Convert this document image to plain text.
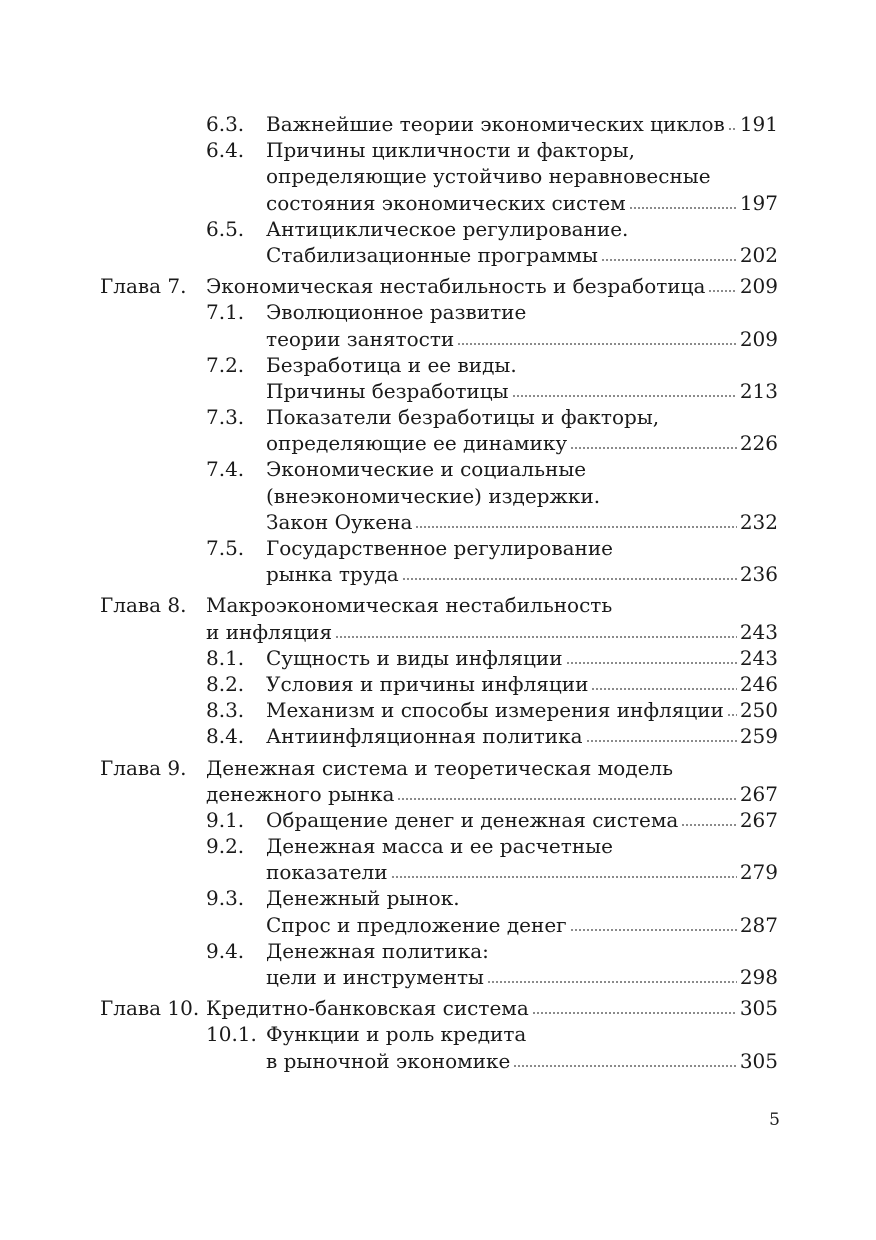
6.3. Важнейшие теории экономических циклов 191
6.4. Причины цикличности и факторы,
определяющие устойчиво неравновесные
состояния экономических систем	197
6.5. Антициклическое регулирование.
Стабилизационные программы	202
Глава 7. Экономическая нестабильность и безработица 209
7.1. Эволюционное развитие
теории занятости	209
7.2. Безработица и ее виды.
Причины безработицы	213
7.3. Показатели безработицы и факторы,
определяющие ее динамику	226
7.4. Экономические и социальные
(внеэкономические) издержки.
Закон Оукена	232
7.5. Государственное регулирование
рынка труда	236
Глава 8. Макроэкономическая нестабильность
и инфляция	243
8.1. Сущность и виды инфляции	243
8.2. Условия и причины инфляции	246
8.3. Механизм и способы измерения инфляции 250
8.4. Антиинфляционная политика	259
Глава 9. Денежная система и теоретическая модель
денежного рынка	267
9.1. Обращение денег и денежная система	267
9.2. Денежная масса и ее расчетные
показатели	279
9.3. Денежный рынок.
Спрос и предложение денег	287
9.4. Денежная политика:
цели и инструменты	298
Глава 10. Кредитно-банковская система	305
10.1. Функции и роль кредита
в рыночной экономике	305
5
